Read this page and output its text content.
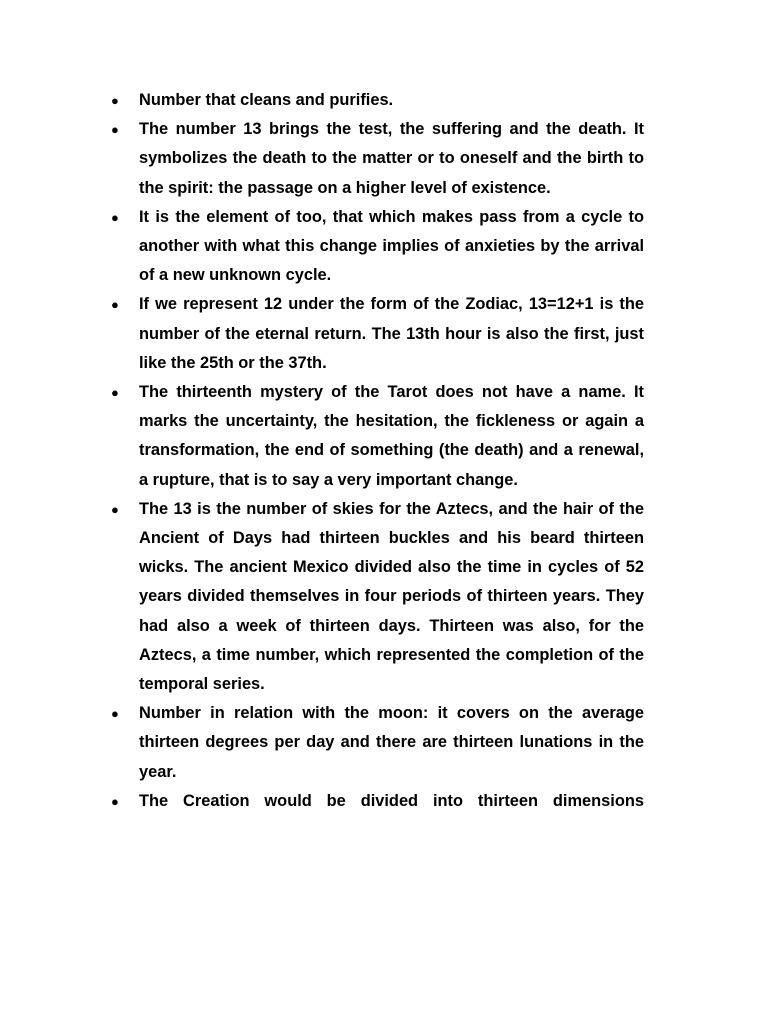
●	Number that cleans and purifies.
●	The number 13 brings the test, the suffering and the death. It symbolizes the death to the matter or to oneself and the birth to the spirit: the passage on a higher level of existence.
●	It is the element of too, that which makes pass from a cycle to another with what this change implies of anxieties by the arrival of a new unknown cycle.
●	If we represent 12 under the form of the Zodiac, 13=12+1 is the number of the eternal return. The 13th hour is also the first, just like the 25th or the 37th.
●	The thirteenth mystery of the Tarot does not have a name. It marks the uncertainty, the hesitation, the fickleness or again a transformation, the end of something (the death) and a renewal, a rupture, that is to say a very important change.
●	The 13 is the number of skies for the Aztecs, and the hair of the Ancient of Days had thirteen buckles and his beard thirteen wicks. The ancient Mexico divided also the time in cycles of 52 years divided themselves in four periods of thirteen years. They had also a week of thirteen days. Thirteen was also, for the Aztecs, a time number, which represented the completion of the temporal series.
●	Number in relation with the moon: it covers on the average thirteen degrees per day and there are thirteen lunations in the year.
●	The Creation would be divided into thirteen dimensions
